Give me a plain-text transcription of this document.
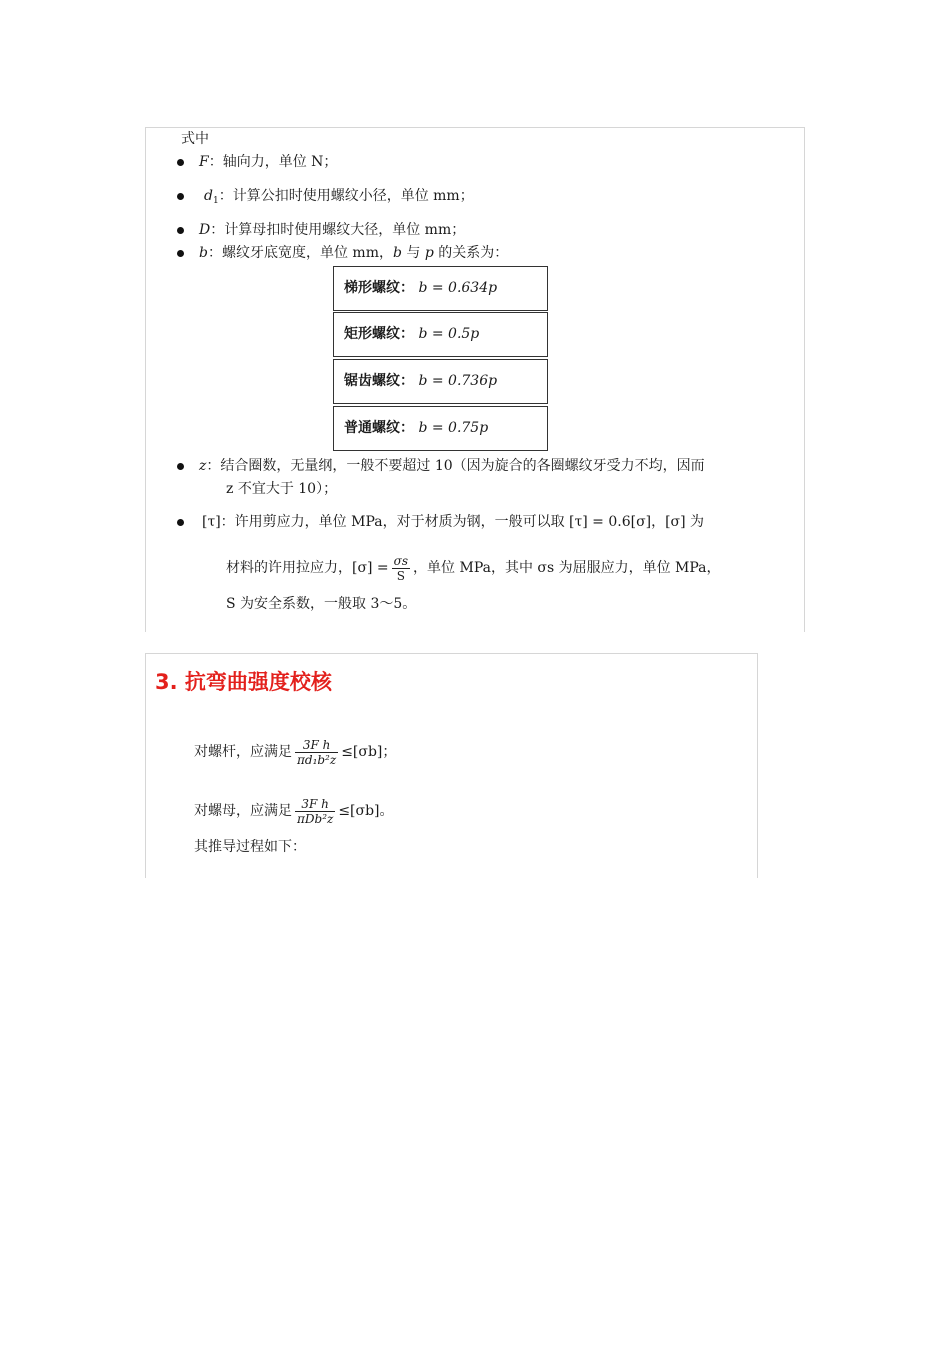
式中
F：轴向力，单位 N；
$d_1$：计算公扣时使用螺纹小径，单位 mm；
D：计算母扣时使用螺纹大径，单位 mm；
b：螺纹牙底宽度，单位 mm，b 与 p 的关系为：
梯形螺纹： b = 0.634p
矩形螺纹： b = 0.5p
锯齿螺纹： b = 0.736p
普通螺纹： b = 0.75p
z：结合圈数，无量纲，一般不要超过 10（因为旋合的各圈螺纹牙受力不均，因而
z 不宜大于 10）；
[τ]：许用剪应力，单位 MPa，对于材质为钢，一般可以取 [τ] = 0.6[σ]，[σ] 为
材料的许用拉应力，$[\sigma] = \frac{\sigma s}{S}$ ，单位 MPa，其中 σs 为屈服应力，单位 MPa，
S 为安全系数，一般取 3～5。
3. 抗弯曲强度校核
对螺杆，应满足 $\frac{\text{3F h}}{\text{πd₁b²z}} \le[\sigma b]$；
对螺母，应满足 $\frac{\text{3F h}}{\text{πDb²z}} \le[\sigma b]$。
其推导过程如下：
